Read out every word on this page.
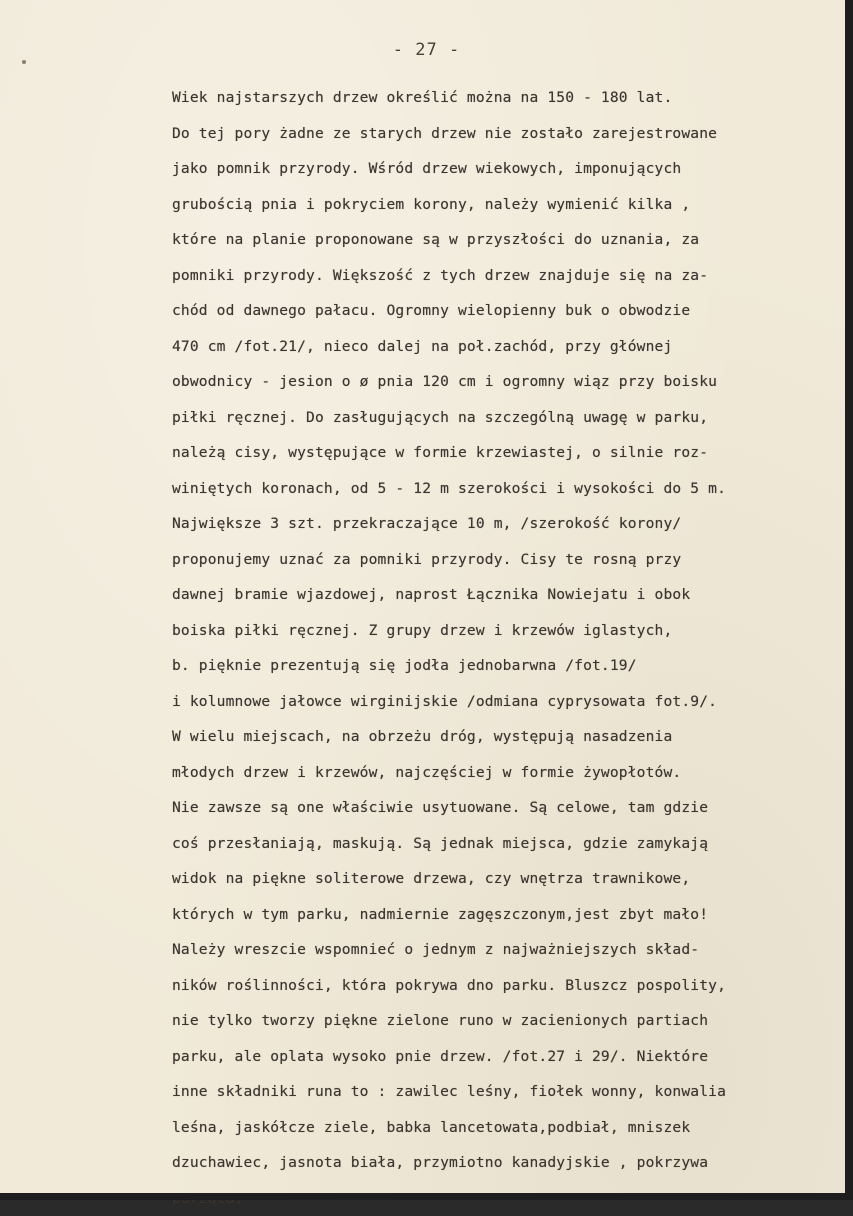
- 27 -
Wiek najstarszych drzew określić można na 150 - 180 lat.
Do tej pory żadne ze starych drzew nie zostało zarejestrowane
jako pomnik przyrody. Wśród drzew wiekowych, imponujących
grubością pnia i pokryciem korony, należy wymienić kilka ,
które na planie proponowane są w przyszłości do uznania, za
pomniki przyrody. Większość z tych drzew znajduje się na za-
chód od dawnego pałacu. Ogromny wielopienny buk o obwodzie
470 cm /fot.21/, nieco dalej na poł.zachód, przy głównej
obwodnicy - jesion o ø pnia 120 cm i ogromny wiąz przy boisku
piłki ręcznej. Do zasługujących na szczególną uwagę w parku,
należą cisy, występujące w formie krzewiastej, o silnie roz-
winiętych koronach, od 5 - 12 m szerokości i wysokości do 5 m.
Największe 3 szt. przekraczające 10 m, /szerokość korony/
proponujemy uznać za pomniki przyrody. Cisy te rosną przy
dawnej bramie wjazdowej, naprost Łącznika Nowiejatu i obok
boiska piłki ręcznej. Z grupy drzew i krzewów iglastych,
b. pięknie prezentują się jodła jednobarwna /fot.19/
i kolumnowe jałowce wirginijskie /odmiana cyprysowata fot.9/.
W wielu miejscach, na obrzeżu dróg, występują nasadzenia
młodych drzew i krzewów, najczęściej w formie żywopłotów.
Nie zawsze są one właściwie usytuowane. Są celowe, tam gdzie
coś przesłaniają, maskują. Są jednak miejsca, gdzie zamykają
widok na piękne soliterowe drzewa, czy wnętrza trawnikowe,
których w tym parku, nadmiernie zagęszczonym,jest zbyt mało!
Należy wreszcie wspomnieć o jednym z najważniejszych skład-
ników roślinności, która pokrywa dno parku. Bluszcz pospolity,
nie tylko tworzy piękne zielone runo w zacienionych partiach
parku, ale oplata wysoko pnie drzew. /fot.27 i 29/. Niektóre
inne składniki runa to : zawilec leśny, fiołek wonny, konwalia
leśna, jaskółcze ziele, babka lancetowata,podbiał, mniszek
dzuchawiec, jasnota biała, przymiotno kanadyjskie , pokrzywa
parząca.
